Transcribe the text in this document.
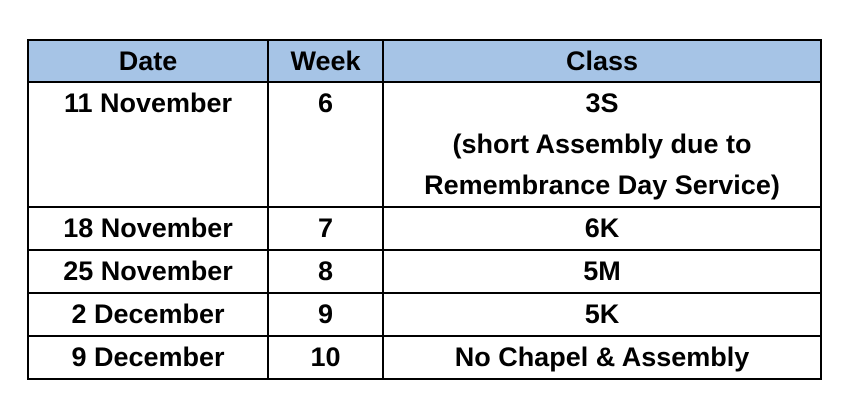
Date	Week	Class
11 November	6	3S
(short Assembly due to
Remembrance Day Service)

18 November	7	6K

25 November	8	5M

2 December	9	5K

9 December	10	No Chapel & Assembly
